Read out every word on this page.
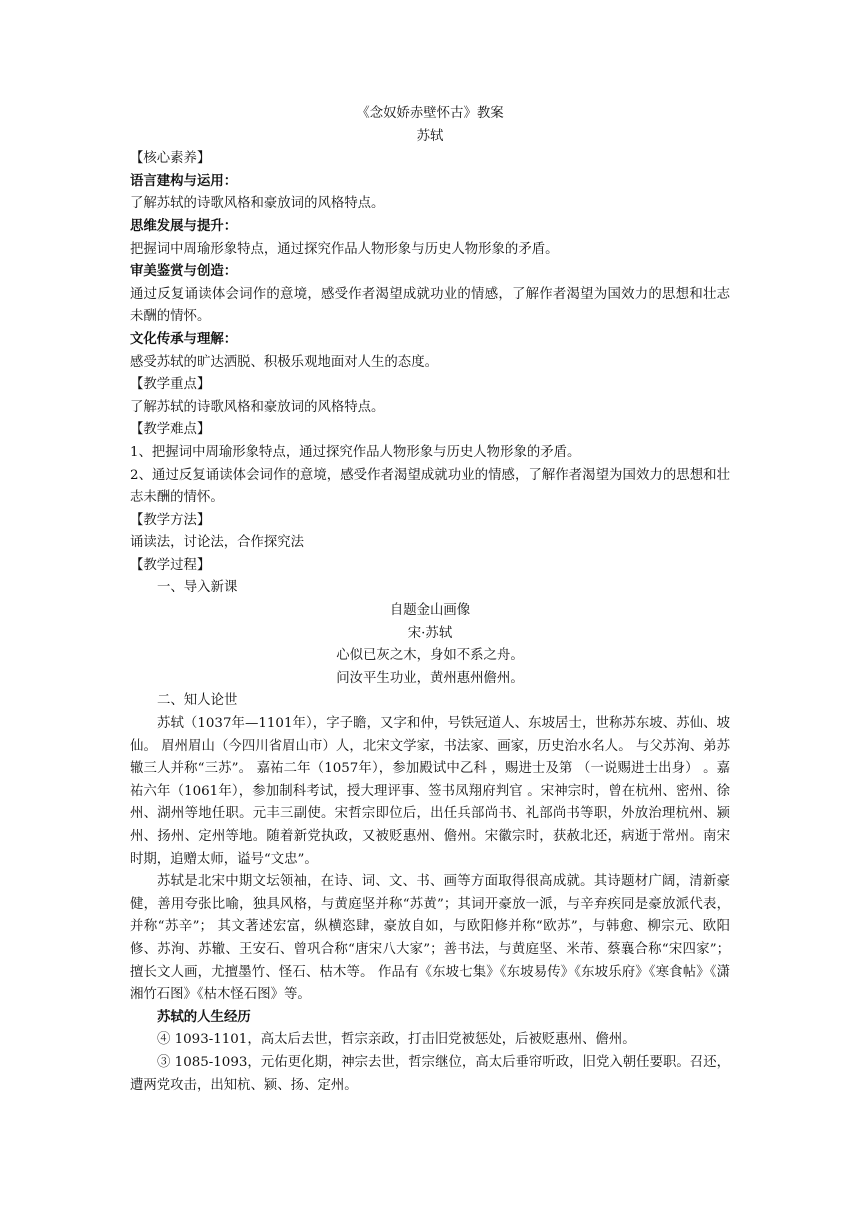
《念奴娇赤壁怀古》教案
苏轼
【核心素养】
语言建构与运用：
了解苏轼的诗歌风格和豪放词的风格特点。
思维发展与提升：
把握词中周瑜形象特点，通过探究作品人物形象与历史人物形象的矛盾。
审美鉴赏与创造：
通过反复诵读体会词作的意境，感受作者渴望成就功业的情感，了解作者渴望为国效力的思想和壮志未酬的情怀。
文化传承与理解：
感受苏轼的旷达洒脱、积极乐观地面对人生的态度。
【教学重点】
了解苏轼的诗歌风格和豪放词的风格特点。
【教学难点】
1、把握词中周瑜形象特点，通过探究作品人物形象与历史人物形象的矛盾。
2、通过反复诵读体会词作的意境，感受作者渴望成就功业的情感，了解作者渴望为国效力的思想和壮志未酬的情怀。
【教学方法】
诵读法，讨论法，合作探究法
【教学过程】
一、导入新课
自题金山画像
宋·苏轼
心似已灰之木，身如不系之舟。
问汝平生功业，黄州惠州儋州。
二、知人论世
苏轼（1037年—1101年），字子瞻，又字和仲，号铁冠道人、东坡居士，世称苏东坡、苏仙、坡仙。 眉州眉山（今四川省眉山市）人，北宋文学家，书法家、画家，历史治水名人。 与父苏洵、弟苏辙三人并称“三苏”。 嘉祐二年（1057年），参加殿试中乙科 ，赐进士及第 （一说赐进士出身） 。嘉祐六年（1061年），参加制科考试，授大理评事、签书凤翔府判官 。宋神宗时，曾在杭州、密州、徐州、湖州等地任职。元丰三副使。宋哲宗即位后，出任兵部尚书、礼部尚书等职，外放治理杭州、颍州、扬州、定州等地。随着新党执政，又被贬惠州、儋州。宋徽宗时，获赦北还，病逝于常州。南宋时期，追赠太师，谥号“文忠”。
苏轼是北宋中期文坛领袖，在诗、词、文、书、画等方面取得很高成就。其诗题材广阔，清新豪健，善用夸张比喻，独具风格，与黄庭坚并称“苏黄”；其词开豪放一派，与辛弃疾同是豪放派代表，并称“苏辛”； 其文著述宏富，纵横恣肆，豪放自如，与欧阳修并称“欧苏”，与韩愈、柳宗元、欧阳修、苏洵、苏辙、王安石、曾巩合称“唐宋八大家”；善书法，与黄庭坚、米芾、蔡襄合称“宋四家”；擅长文人画，尤擅墨竹、怪石、枯木等。 作品有《东坡七集》《东坡易传》《东坡乐府》《寒食帖》《潇湘竹石图》《枯木怪石图》等。
苏轼的人生经历
④ 1093-1101，高太后去世，哲宗亲政，打击旧党被惩处，后被贬惠州、儋州。
③ 1085-1093，元佑更化期，神宗去世，哲宗继位，高太后垂帘听政，旧党入朝任要职。召还，遭两党攻击，出知杭、颍、扬、定州。
